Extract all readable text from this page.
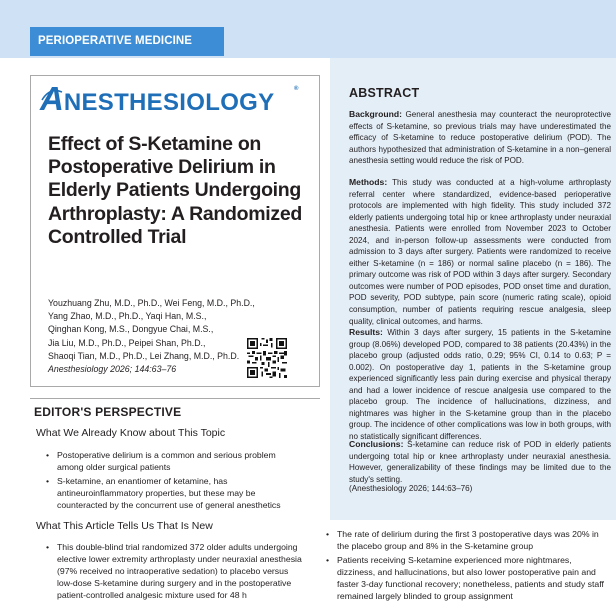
PERIOPERATIVE MEDICINE
ANESTHESIOLOGY	®
Effect of S-Ketamine on Postoperative Delirium in Elderly Patients Undergoing Arthroplasty: A Randomized Controlled Trial
Youzhuang Zhu, M.D., Ph.D., Wei Feng, M.D., Ph.D.,
Yang Zhao, M.D., Ph.D., Yaqi Han, M.S.,
Qinghan Kong, M.S., Dongyue Chai, M.S.,
Jia Liu, M.D., Ph.D., Peipei Shan, Ph.D.,
Shaoqi Tian, M.D., Ph.D., Lei Zhang, M.D., Ph.D.
Anesthesiology 2026; 144:63–76
EDITOR'S PERSPECTIVE
What We Already Know about This Topic
• Postoperative delirium is a common and serious problem among older surgical patients
• S-ketamine, an enantiomer of ketamine, has antineuroinflammatory properties, but these may be counteracted by the concurrent use of general anesthetics
What This Article Tells Us That Is New
• This double-blind trial randomized 372 older adults undergoing elective lower extremity arthroplasty under neuraxial anesthesia (97% received no intraoperative sedation) to placebo versus low-dose S-ketamine during surgery and in the postoperative patient-controlled analgesic mixture used for 48 h
• The rate of delirium during the first 3 postoperative days was 20% in the placebo group and 8% in the S-ketamine group
• Patients receiving S-ketamine experienced more nightmares, dizziness, and hallucinations, but also lower postoperative pain and faster 3-day functional recovery; nonetheless, patients and study staff remained largely blinded to group assignment
ABSTRACT

Background: General anesthesia may counteract the neuroprotective effects of S-ketamine, so previous trials may have underestimated the efficacy of S-ketamine to reduce postoperative delirium (POD). The authors hypothesized that administration of S-ketamine in a non–general anesthesia setting would reduce the risk of POD.

Methods: This study was conducted at a high-volume arthroplasty referral center where standardized, evidence-based perioperative protocols are implemented with high fidelity. This study included 372 elderly patients undergoing total hip or knee arthroplasty under neuraxial anesthesia. Patients were enrolled from November 2023 to October 2024, and in-person follow-up assessments were conducted from admission to 3 days after surgery. Patients were randomized to receive either S-ketamine (n = 186) or normal saline placebo (n = 186). The primary outcome was risk of POD within 3 days after surgery. Secondary outcomes were number of POD episodes, POD onset time and duration, POD severity, POD subtype, pain score (numeric rating scale), opioid consumption, number of patients requiring rescue analgesia, sleep quality, clinical outcomes, and harms.

Results: Within 3 days after surgery, 15 patients in the S-ketamine group (8.06%) developed POD, compared to 38 patients (20.43%) in the placebo group (adjusted odds ratio, 0.29; 95% CI, 0.14 to 0.63; P = 0.002). On postoperative day 1, patients in the S-ketamine group experienced significantly less pain during exercise and physical therapy and had a lower incidence of rescue analgesia use compared to the placebo group. The incidence of hallucinations, dizziness, and nightmares was higher in the S-ketamine group than in the placebo group. The incidence of other complications was low in both groups, with no statistically significant differences.

Conclusions: S-ketamine can reduce risk of POD in elderly patients undergoing total hip or knee arthroplasty under neuraxial anesthesia. However, generalizability of these findings may be limited due to the study's setting.

(Anesthesiology 2026; 144:63–76)
